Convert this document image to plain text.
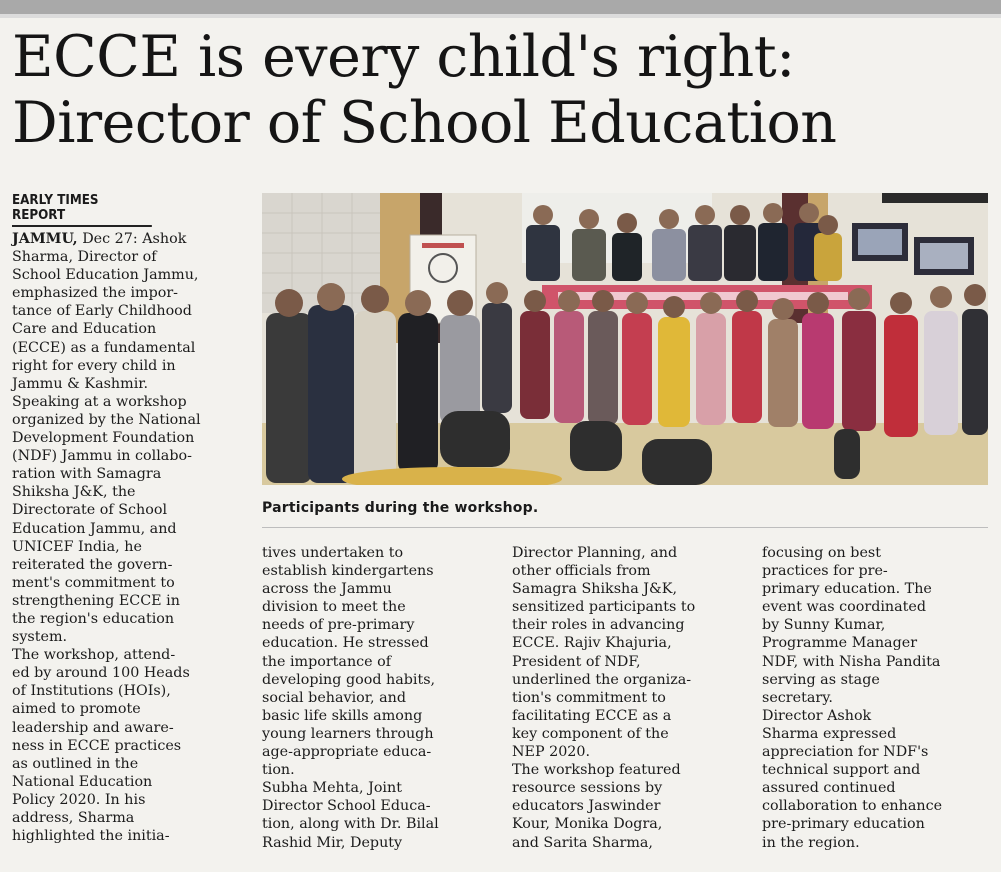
ECCE is every child's right:
Director of School Education
EARLY TIMES REPORT
JAMMU, Dec 27: Ashok
Sharma, Director of
School Education Jammu,
emphasized the impor-
tance of Early Childhood
Care and Education
(ECCE) as a fundamental
right for every child in
Jammu & Kashmir.
Speaking at a workshop
organized by the National
Development Foundation
(NDF) Jammu in collabo-
ration with Samagra
Shiksha J&K, the
Directorate of School
Education Jammu, and
UNICEF India, he
reiterated the govern-
ment's commitment to
strengthening ECCE in
the region's education
system.
The workshop, attend-
ed by around 100 Heads
of Institutions (HOIs),
aimed to promote
leadership and aware-
ness in ECCE practices
as outlined in the
National Education
Policy 2020. In his
address, Sharma
highlighted the initia-
Participants during the workshop.
tives undertaken to
establish kindergartens
across the Jammu
division to meet the
needs of pre-primary
education. He stressed
the importance of
developing good habits,
social behavior, and
basic life skills among
young learners through
age-appropriate educa-
tion.
Subha Mehta, Joint
Director School Educa-
tion, along with Dr. Bilal
Rashid Mir, Deputy
Director Planning, and
other officials from
Samagra Shiksha J&K,
sensitized participants to
their roles in advancing
ECCE. Rajiv Khajuria,
President of NDF,
underlined the organiza-
tion's commitment to
facilitating ECCE as a
key component of the
NEP 2020.
The workshop featured
resource sessions by
educators Jaswinder
Kour, Monika Dogra,
and Sarita Sharma,
focusing on best
practices for pre-
primary education. The
event was coordinated
by Sunny Kumar,
Programme Manager
NDF, with Nisha Pandita
serving as stage
secretary.
Director Ashok
Sharma expressed
appreciation for NDF's
technical support and
assured continued
collaboration to enhance
pre-primary education
in the region.
